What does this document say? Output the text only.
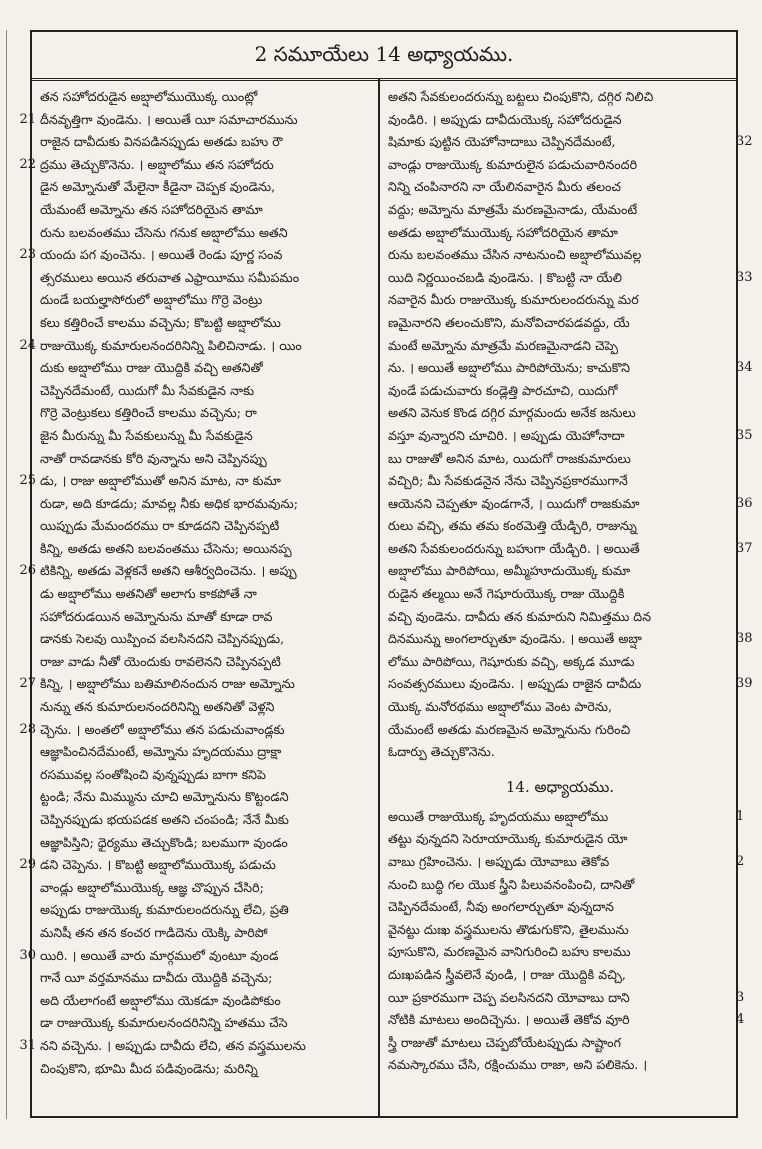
2 సమూయేలు 14 అధ్యాయము.
తన సహోదరుడైన అబ్షాలోముయొక్క యింట్లో
21 దీనవృత్తిగా వుండెను. । అయితే యీ సమాచారమును
రాజైన దావీదుకు వినపడినప్పుడు అతడు బహు రౌ
22 ద్రము తెచ్చుకొనెను. । అబ్షాలోము తన సహోదరు
డైన అమ్నోనుతో మేలైనా కీడైనా చెప్పక వుండెను,
యేమంటే అమ్నోను తన సహోదరియైన తామా
రును బలవంతము చేసెను గనుక అబ్షాలోము అతని
23 యందు పగ వుంచెను. । అయితే రెండు పూర్ణ సంవ
త్సరములు అయిన తరువాత ఎఫ్రాయీము సమీపమం
దుండే బయల్హాసోరులో అబ్షాలోము గొర్రె వెంట్రు
కలు కత్తిరించే కాలము వచ్చెను; కొబట్టి అబ్షాలోము
24 రాజుయొక్క కుమారులనందరినిన్ని పిలిచినాడు. । యిం
దుకు అబ్షాలోము రాజు యొద్దికి వచ్చి అతనితో
చెప్పినదేమంటే, యిదుగో మీ సేవకుడైన నాకు
గొర్రె వెంట్రుకలు కత్తిరించే కాలము వచ్చెను; రా
జైన మీరున్ను మీ సేవకులున్ను మీ సేవకుడైన
నాతో రావడానకు కోరి వున్నాను అని చెప్పినప్పు
25 డు, । రాజు అబ్షాలోముతో అనిన మాట, నా కుమా
రుడా, అది కూడదు; మావల్ల నీకు అధిక భారమవును;
యిప్పుడు మేమందరము రా కూడదని చెప్పినప్పటి
కిన్ని, అతడు అతని బలవంతము చేసెను; అయినప్ప
26 టికిన్ని, అతడు వెళ్లకనే అతని ఆశీర్వదించెను. । అప్పు
డు అబ్షాలోము అతనితో అలాగు కాకపోతే నా
సహోదరుడయిన అమ్నోనును మాతో కూడా రావ
డానకు సెలవు యిప్పించ వలసినదని చెప్పినప్పుడు,
రాజు వాడు నీతో యెందుకు రావలెనని చెప్పినప్పటి
27 కిన్ని, । అబ్షాలోము బతిమాలినందున రాజు అమ్నోను
నున్ను తన కుమారులనందరినిన్ని అతనితో వెళ్లని
28 చ్చెను. । అంతలో అబ్షాలోము తన పడుచువాండ్లకు
ఆజ్ఞాపించినదేమంటే, అమ్నోను హృదయము ద్రాక్షా
రసమువల్ల సంతోషించి వున్నప్పుడు బాగా కనిపె
ట్టండి; నేను మిమ్మును చూచి అమ్నోనును కొట్టండని
చెప్పినప్పుడు భయపడక అతని చంపండి; నేనే మీకు
ఆజ్ఞాపిస్తిని; ధైర్యము తెచ్చుకొండి; బలముగా వుండం
29 డని చెప్పెను. । కొబట్టి అబ్షాలోముయొక్క పడుచు
వాండ్లు అబ్షాలోముయొక్క ఆజ్ఞ చొప్పున చేసిరి;
అప్పుడు రాజుయొక్క కుమారులందరున్ను లేచి, ప్రతి
మనిషీ తన తన కంచర గాడిదెను యెక్కి పారిపో
30 యిరి. । అయితే వారు మార్గములో వుంటూ వుండ
గానే యీ వర్తమానము దావీదు యొద్దికి వచ్చెను;
అది యేలాగంటే అబ్షాలోము యెకడూ వుండిపోకుం
డా రాజుయొక్క కుమారులనందరినిన్ని హతము చేసె
31 నని వచ్చెను. । అప్పుడు దావీదు లేచి, తన వస్త్రములను
చింపుకొని, భూమి మీద పడివుండెను; మరిన్ని
అతని సేవకులందరున్ను బట్టలు చింపుకొని, దగ్గిర నిలిచి
వుండిరి. । అప్పుడు దావీదుయొక్క సహోదరుడైన
32
షిమాకు పుట్టిన యెహోనాదాబు చెప్పినదేమంటే,
వాండ్లు రాజుయొక్క కుమారులైన పడుచువారినందరి
నిన్ని చంపినారని నా యేలినవారైన మీరు తలంచ
వద్దు; అమ్నోను మాత్రమే మరణమైనాడు, యేమంటే
అతడు అబ్షాలోముయొక్క సహోదరియైన తామా
రును బలవంతము చేసిన నాటనుంచి అబ్షాలోమువల్ల
33
యిది నిర్ణయించబడి వుండెను. । కొబట్టి నా యేలి
నవారైన మీరు రాజుయొక్క కుమారులందరున్ను మర
ణమైనారని తలంచుకొని, మనోవిచారపడవద్దు, యే
మంటే అమ్నోను మాత్రమే మరణమైనాడని చెప్పె
34
ను. । అయితే అబ్షాలోము పారిపోయెను; కాచుకొని
వుండే పడుచువారు కండ్లెత్తి పారచూచి, యిదుగో
అతని వెనుక కొండ దగ్గిర మార్గమందు అనేక జనులు
35
వస్తూ వున్నారని చూచిరి. । అప్పుడు యెహోనాదా
బు రాజుతో అనిన మాట, యిదుగో రాజకుమారులు
వచ్చిరి; మీ సేవకుడనైన నేను చెప్పినప్రకారముగానే
36
ఆయెనని చెప్పతూ వుండగానే, । యిదుగో రాజకుమా
రులు వచ్చి, తమ తమ కంఠమెత్తి యేడ్చిరి, రాజున్ను
37
అతని సేవకులందరున్ను బహుగా యేడ్చిరి. । అయితే
అబ్షాలోము పారిపోయి, అమ్మీహూదుయొక్క కుమా
రుడైన తల్మయి అనే గెషూరుయొక్క రాజు యొద్దికి
వచ్చి వుండెను. దావీదు తన కుమారుని నిమిత్తము దిన
38
దినమున్ను అంగలార్చుతూ వుండెను. । అయితే అబ్షా
లోము పారిపోయి, గెషూరుకు వచ్చి, అక్కడ మూడు
39
సంవత్సరములు వుండెను. । అప్పుడు రాజైన దావీదు
యొక్క మనోరథము అబ్షాలోము వెంట పారెను,
యేమంటే అతడు మరణమైన అమ్నోనును గురించి
ఓదార్పు తెచ్చుకొనెను.
14. అధ్యాయము.
1
అయితే రాజుయొక్క హృదయము అబ్షాలోము
తట్టు వున్నదని సెరూయాయొక్క కుమారుడైన యో
2
వాబు గ్రహించెను. । అప్పుడు యోవాబు తెకోవ
నుంచి బుద్ధి గల యొక స్త్రీని పిలువనంపించి, దానితో
చెప్పినదేమంటే, నీవు అంగలార్చుతూ వున్నదాన
వైనట్టు దుఃఖ వస్త్రములను తొడుగుకొని, తైలమును
పూసుకొని, మరణమైన వానిగురించి బహు కాలము
దుఃఖపడిన స్త్రీవలెనే వుండి, । రాజు యొద్దికి వచ్చి,
3
యీ ప్రకారముగా చెప్ప వలసినదని యోవాబు దాని
4
నోటికి మాటలు అందిచ్చెను. । అయితే తెకోవ వూరి
స్త్రీ రాజుతో మాటలు చెప్పబోయేటప్పుడు సాష్టాంగ
నమస్కారము చేసి, రక్షించుము రాజా, అని పలికెను. ।
